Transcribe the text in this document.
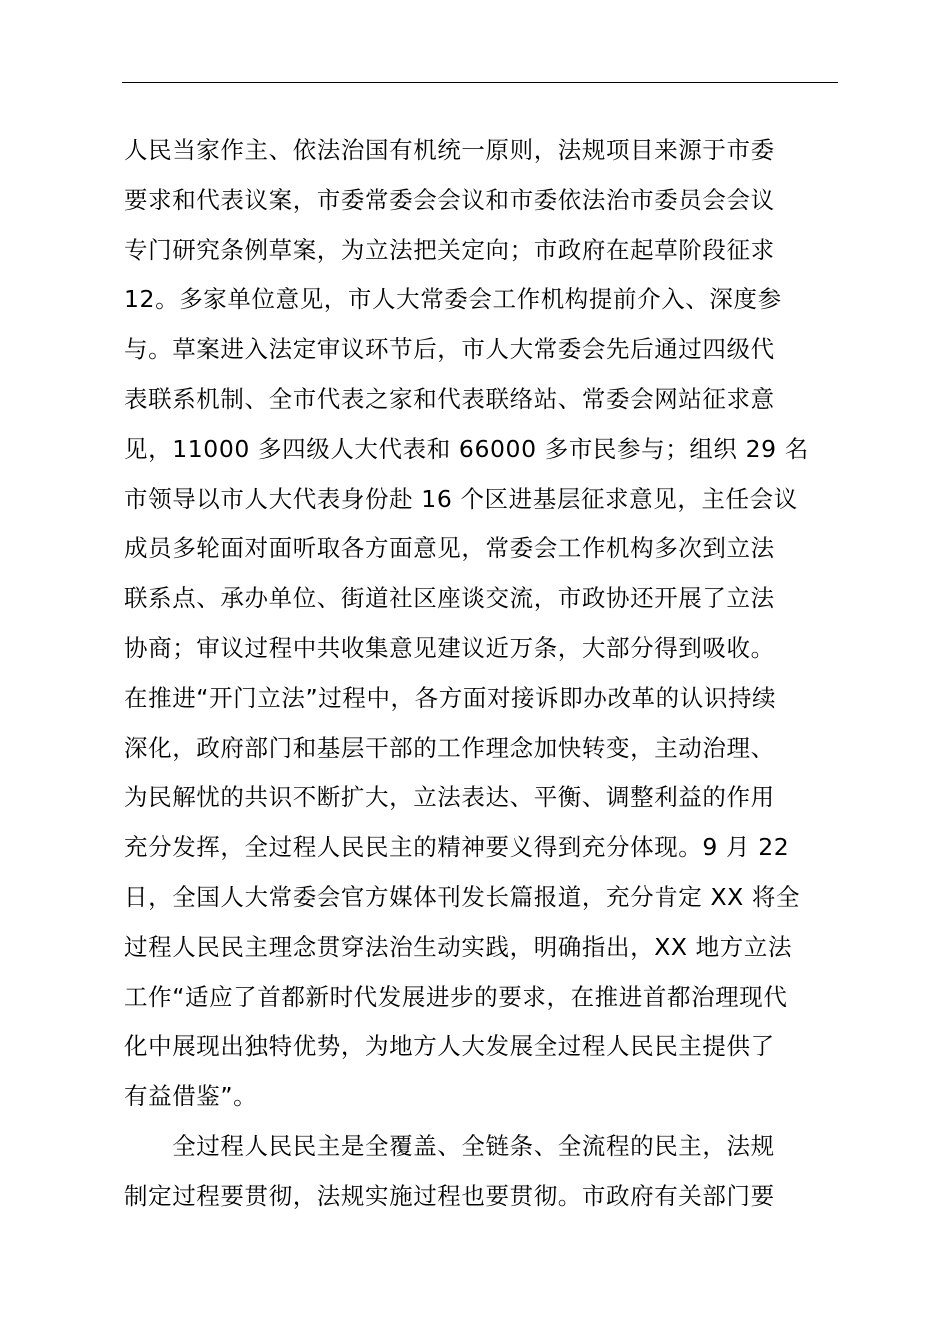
人民当家作主、依法治国有机统一原则，法规项目来源于市委
要求和代表议案，市委常委会会议和市委依法治市委员会会议
专门研究条例草案，为立法把关定向；市政府在起草阶段征求
12。多家单位意见，市人大常委会工作机构提前介入、深度参
与。草案进入法定审议环节后，市人大常委会先后通过四级代
表联系机制、全市代表之家和代表联络站、常委会网站征求意
见，11000 多四级人大代表和 66000 多市民参与；组织 29 名
市领导以市人大代表身份赴 16 个区进基层征求意见，主任会议
成员多轮面对面听取各方面意见，常委会工作机构多次到立法
联系点、承办单位、街道社区座谈交流，市政协还开展了立法
协商；审议过程中共收集意见建议近万条，大部分得到吸收。
在推进“开门立法”过程中，各方面对接诉即办改革的认识持续
深化，政府部门和基层干部的工作理念加快转变，主动治理、
为民解忧的共识不断扩大，立法表达、平衡、调整利益的作用
充分发挥，全过程人民民主的精神要义得到充分体现。9 月 22
日，全国人大常委会官方媒体刊发长篇报道，充分肯定 XX 将全
过程人民民主理念贯穿法治生动实践，明确指出，XX 地方立法
工作“适应了首都新时代发展进步的要求，在推进首都治理现代
化中展现出独特优势，为地方人大发展全过程人民民主提供了
有益借鉴”。
　　全过程人民民主是全覆盖、全链条、全流程的民主，法规
制定过程要贯彻，法规实施过程也要贯彻。市政府有关部门要
